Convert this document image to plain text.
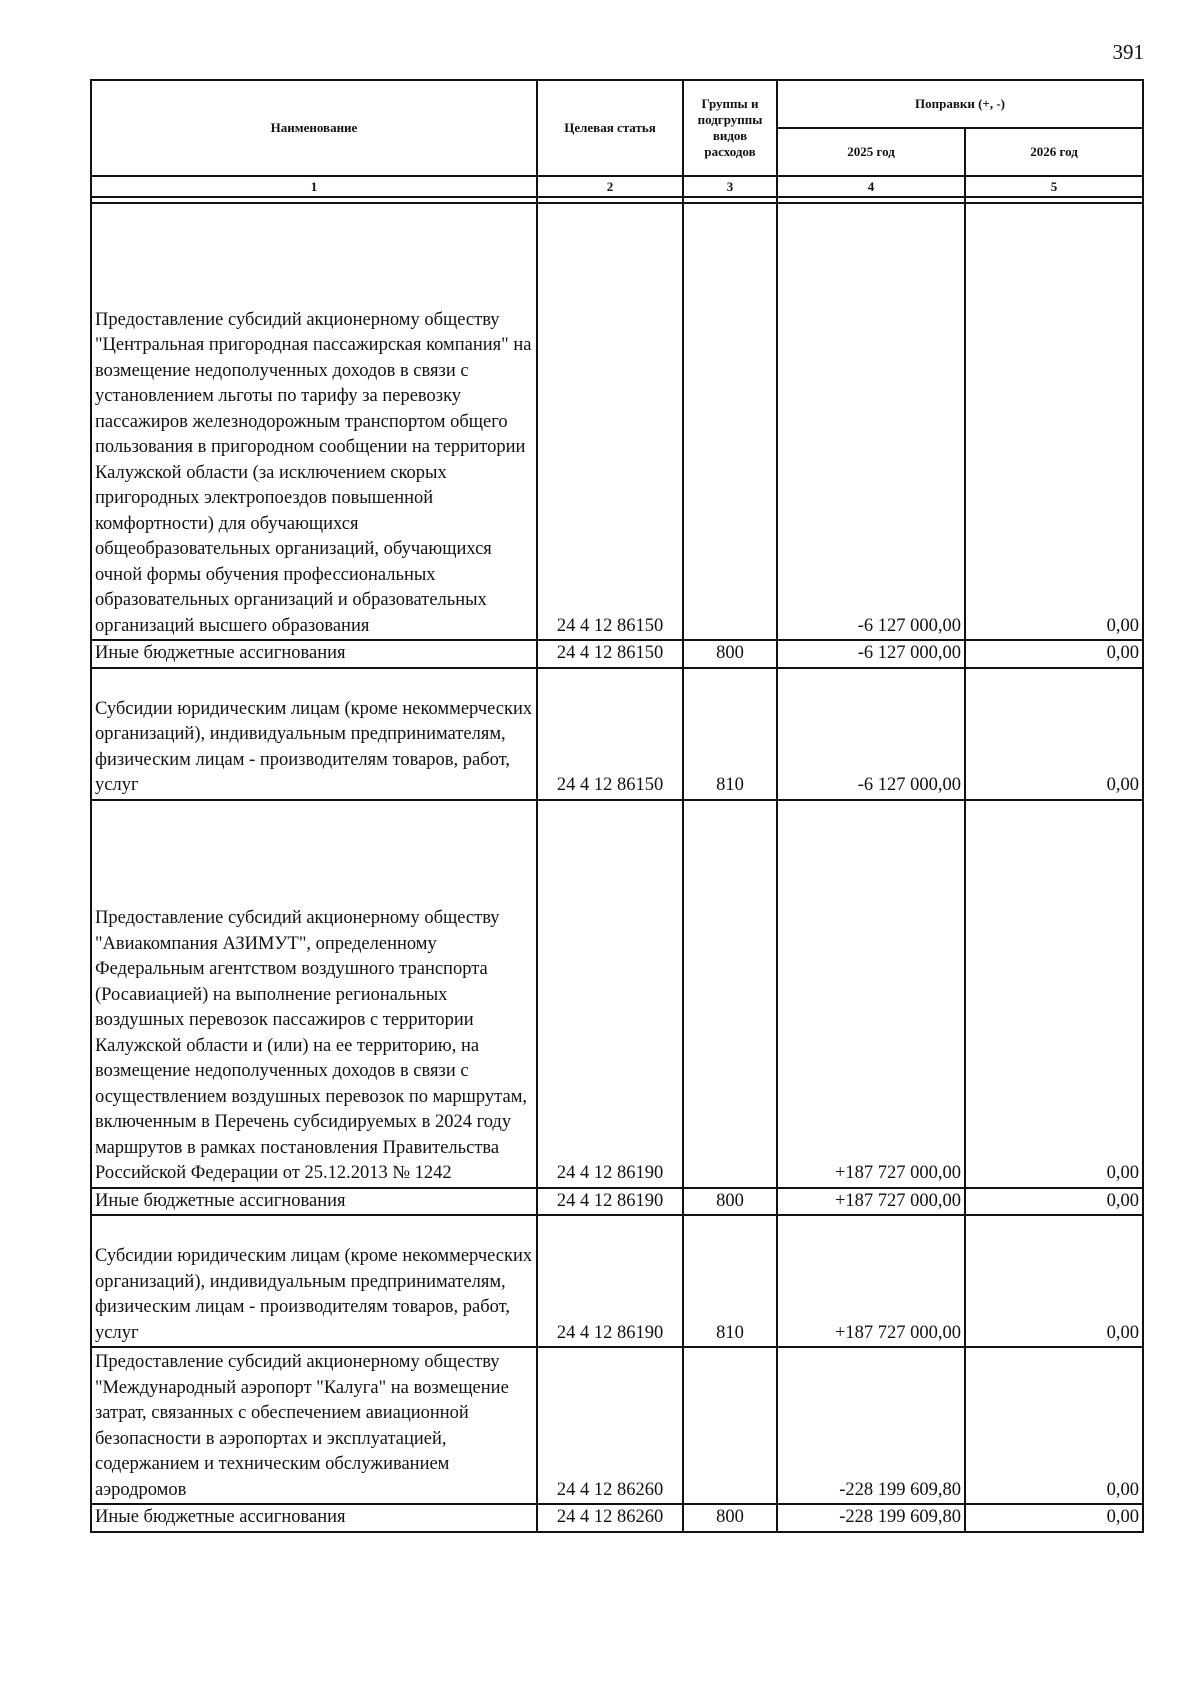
391
Наименование	Целевая статья	Группы и подгруппы видов расходов	Поправки (+, -)	
			2025 год	2026 год
1	2	3	4	5

Предоставление субсидий акционерному обществу "Центральная пригородная пассажирская компания" на возмещение недополученных доходов в связи с установлением льготы по тарифу за перевозку пассажиров железнодорожным транспортом общего пользования в пригородном сообщении на территории Калужской области (за исключением скорых пригородных электропоездов повышенной комфортности) для обучающихся общеобразовательных организаций, обучающихся очной формы обучения профессиональных образовательных организаций и образовательных организаций высшего образования	24 4 12 86150		-6 127 000,00	0,00
Иные бюджетные ассигнования	24 4 12 86150	800	-6 127 000,00	0,00
Субсидии юридическим лицам (кроме некоммерческих организаций), индивидуальным предпринимателям, физическим лицам - производителям товаров, работ, услуг	24 4 12 86150	810	-6 127 000,00	0,00
Предоставление субсидий акционерному обществу "Авиакомпания АЗИМУТ", определенному Федеральным агентством воздушного транспорта (Росавиацией) на выполнение региональных воздушных перевозок пассажиров с территории Калужской области и (или) на ее территорию, на возмещение недополученных доходов в связи с осуществлением воздушных перевозок по маршрутам, включенным в Перечень субсидируемых в 2024 году маршрутов в рамках постановления Правительства Российской Федерации от 25.12.2013 № 1242	24 4 12 86190		+187 727 000,00	0,00
Иные бюджетные ассигнования	24 4 12 86190	800	+187 727 000,00	0,00
Субсидии юридическим лицам (кроме некоммерческих организаций), индивидуальным предпринимателям, физическим лицам - производителям товаров, работ, услуг	24 4 12 86190	810	+187 727 000,00	0,00
Предоставление субсидий акционерному обществу "Международный аэропорт "Калуга" на возмещение затрат, связанных с обеспечением авиационной безопасности в аэропортах и эксплуатацией, содержанием и техническим обслуживанием аэродромов	24 4 12 86260		-228 199 609,80	0,00
Иные бюджетные ассигнования	24 4 12 86260	800	-228 199 609,80	0,00
